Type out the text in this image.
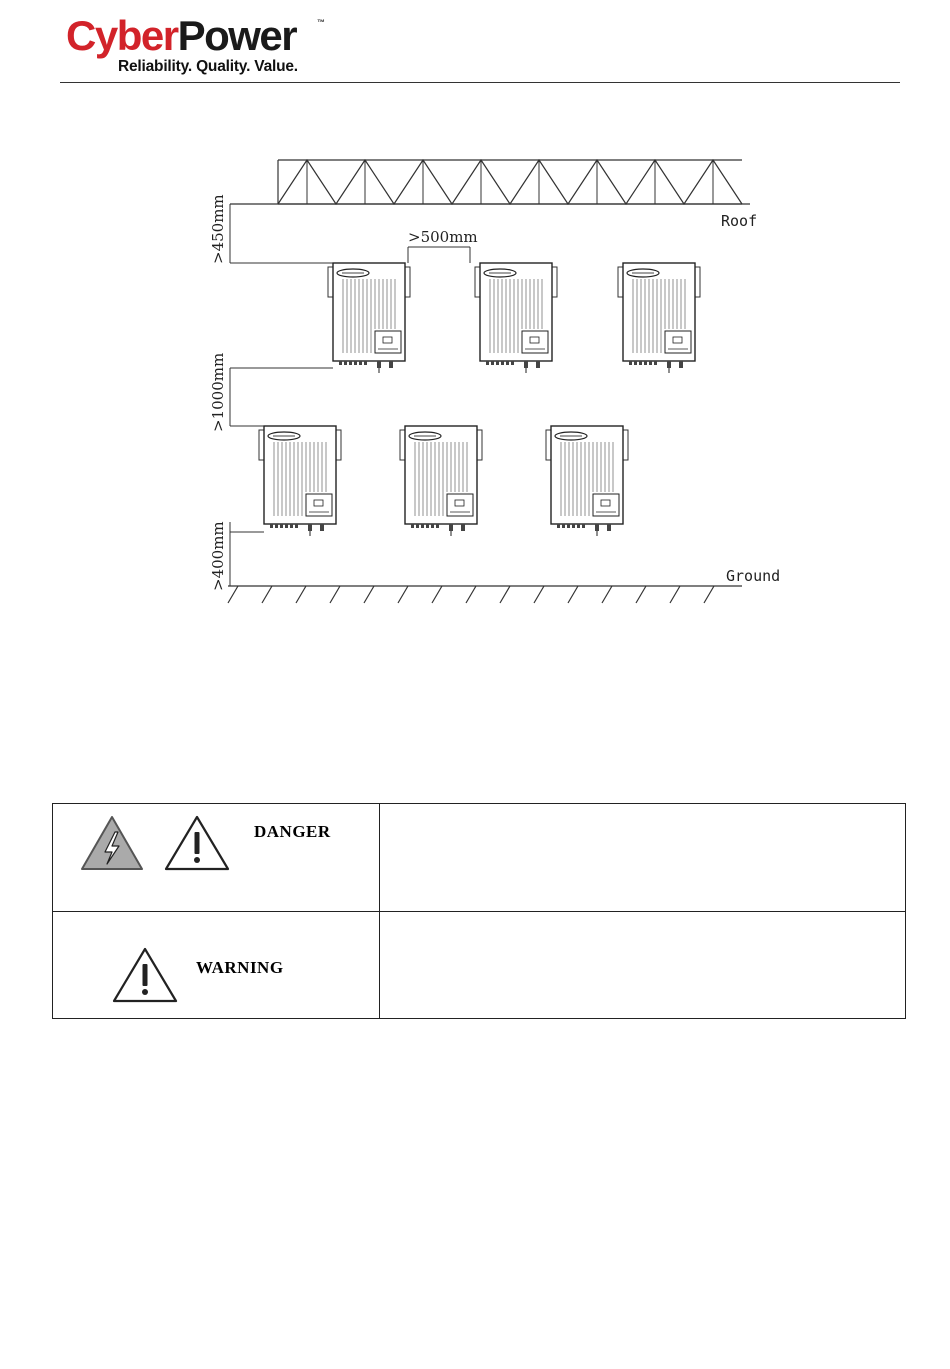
CyberPower	™
Reliability. Quality. Value.
>450mm	>500mm
>1000mm
>400mm
Roof
Ground
DANGER
WARNING
